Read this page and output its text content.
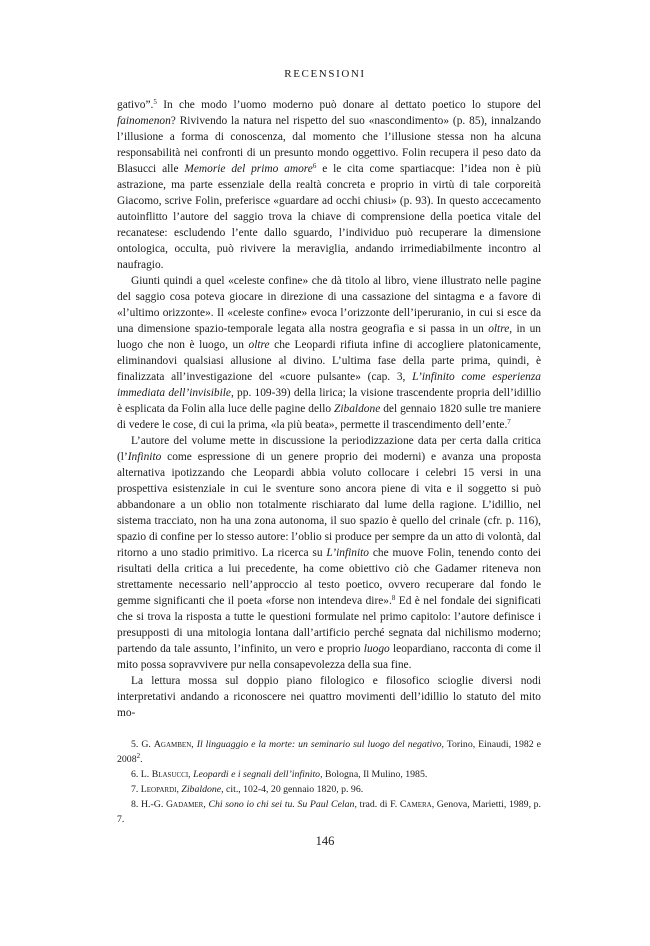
RECENSIONI

gativo”.$^5$ In che modo l’uomo moderno può donare al dettato poetico lo stupore del fainomenon? Rivivendo la natura nel rispetto del suo «nascondimento» (p. 85), innalzando l’illusione a forma di conoscenza, dal momento che l’illusione stessa non ha alcuna responsabilità nei confronti di un presunto mondo oggettivo. Folin recupera il peso dato da Blasucci alle Memorie del primo amore$^6$ e le cita come spartiacque: l’idea non è più astrazione, ma parte essenziale della realtà concreta e proprio in virtù di tale corporeità Giacomo, scrive Folin, preferisce «guardare ad occhi chiusi» (p. 93). In questo accecamento autoinflitto l’autore del saggio trova la chiave di comprensione della poetica vitale del recanatese: escludendo l’ente dallo sguardo, l’individuo può recuperare la dimensione ontologica, occulta, può rivivere la meraviglia, andando irrimediabilmente incontro al naufragio.

Giunti quindi a quel «celeste confine» che dà titolo al libro, viene illustrato nelle pagine del saggio cosa poteva giocare in direzione di una cassazione del sintagma e a favore di «l’ultimo orizzonte». Il «celeste confine» evoca l’orizzonte dell’iperuranio, in cui si esce da una dimensione spazio-temporale legata alla nostra geografia e si passa in un oltre, in un luogo che non è luogo, un oltre che Leopardi rifiuta infine di accogliere platonicamente, eliminandovi qualsiasi allusione al divino. L’ultima fase della parte prima, quindi, è finalizzata all’investigazione del «cuore pulsante» (cap. 3, L’infinito come esperienza immediata dell’invisibile, pp. 109-39) della lirica; la visione trascendente propria dell’idillio è esplicata da Folin alla luce delle pagine dello Zibaldone del gennaio 1820 sulle tre maniere di vedere le cose, di cui la prima, «la più beata», permette il trascendimento dell’ente.$^7$

L’autore del volume mette in discussione la periodizzazione data per certa dalla critica (l’Infinito come espressione di un genere proprio dei moderni) e avanza una proposta alternativa ipotizzando che Leopardi abbia voluto collocare i celebri 15 versi in una prospettiva esistenziale in cui le sventure sono ancora piene di vita e il soggetto si può abbandonare a un oblio non totalmente rischiarato dal lume della ragione. L’idillio, nel sistema tracciato, non ha una zona autonoma, il suo spazio è quello del crinale (cfr. p. 116), spazio di confine per lo stesso autore: l’oblio si produce per sempre da un atto di volontà, dal ritorno a uno stadio primitivo. La ricerca su L’infinito che muove Folin, tenendo conto dei risultati della critica a lui precedente, ha come obiettivo ciò che Gadamer riteneva non strettamente necessario nell’approccio al testo poetico, ovvero recuperare dal fondo le gemme significanti che il poeta «forse non intendeva dire».$^8$ Ed è nel fondale dei significati che si trova la risposta a tutte le questioni formulate nel primo capitolo: l’autore definisce i presupposti di una mitologia lontana dall’artificio perché segnata dal nichilismo moderno; partendo da tale assunto, l’infinito, un vero e proprio luogo leopardiano, racconta di come il mito possa sopravvivere pur nella consapevolezza della sua fine.

La lettura mossa sul doppio piano filologico e filosofico scioglie diversi nodi interpretativi andando a riconoscere nei quattro movimenti dell’idillio lo statuto del mito mo-

5. G. Agamben, Il linguaggio e la morte: un seminario sul luogo del negativo, Torino, Einaudi, 1982 e 2008$^2$.

6. L. Blasucci, Leopardi e i segnali dell’infinito, Bologna, Il Mulino, 1985.

7. Leopardi, Zibaldone, cit., 102-4, 20 gennaio 1820, p. 96.

8. H.-G. Gadamer, Chi sono io chi sei tu. Su Paul Celan, trad. di F. Camera, Genova, Marietti, 1989, p. 7.

146
